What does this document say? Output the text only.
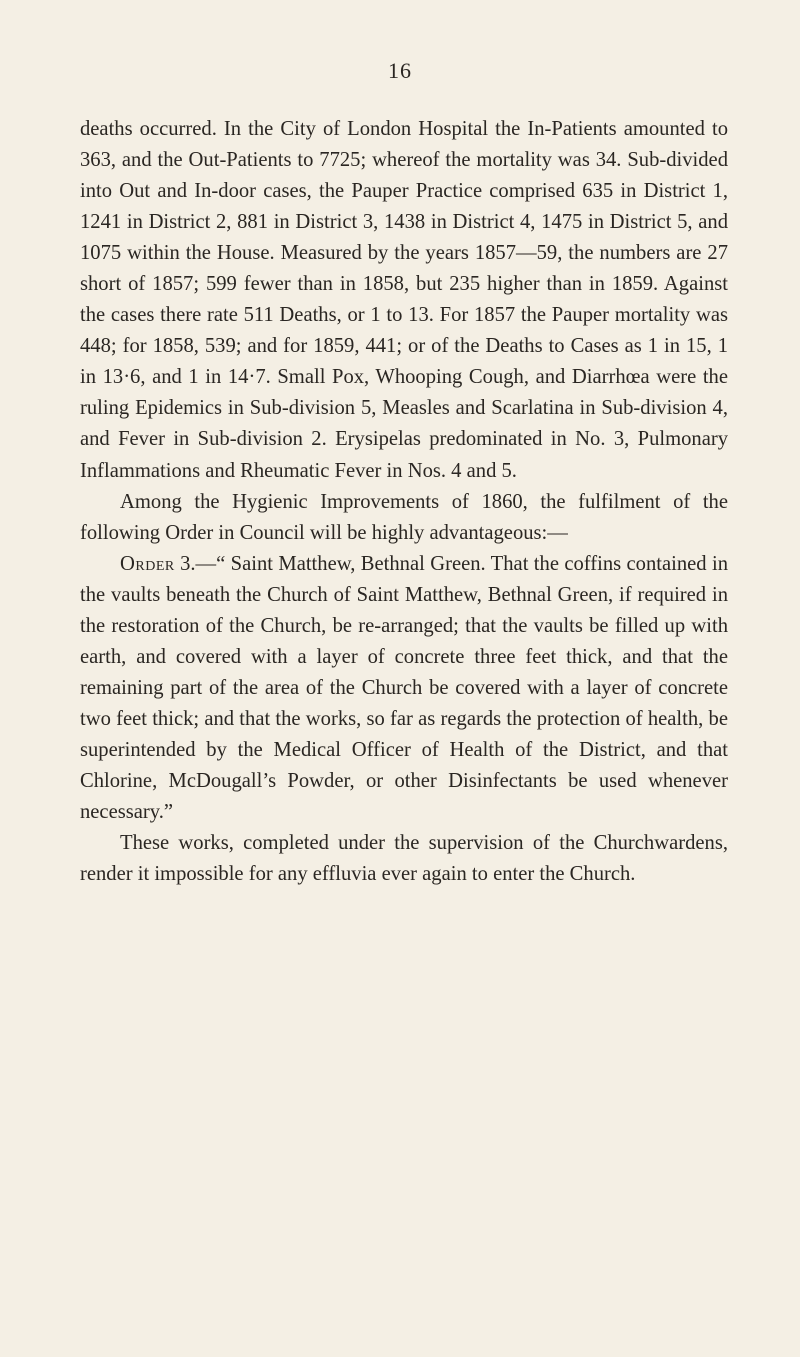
16

deaths occurred. In the City of London Hospital the In-Patients amounted to 363, and the Out-Patients to 7725; whereof the mortality was 34. Sub-divided into Out and In-door cases, the Pauper Practice comprised 635 in District 1, 1241 in District 2, 881 in District 3, 1438 in District 4, 1475 in District 5, and 1075 within the House. Measured by the years 1857—59, the numbers are 27 short of 1857; 599 fewer than in 1858, but 235 higher than in 1859. Against the cases there rate 511 Deaths, or 1 to 13. For 1857 the Pauper mortality was 448; for 1858, 539; and for 1859, 441; or of the Deaths to Cases as 1 in 15, 1 in 13·6, and 1 in 14·7. Small Pox, Whooping Cough, and Diarrhœa were the ruling Epidemics in Sub-division 5, Measles and Scarlatina in Sub-division 4, and Fever in Sub-division 2. Erysipelas predominated in No. 3, Pulmonary Inflammations and Rheumatic Fever in Nos. 4 and 5.

Among the Hygienic Improvements of 1860, the fulfilment of the following Order in Council will be highly advantageous:—

Order 3.—“ Saint Matthew, Bethnal Green. That the coffins contained in the vaults beneath the Church of Saint Matthew, Bethnal Green, if required in the restoration of the Church, be re-arranged; that the vaults be filled up with earth, and covered with a layer of concrete three feet thick, and that the remaining part of the area of the Church be covered with a layer of concrete two feet thick; and that the works, so far as regards the protection of health, be superintended by the Medical Officer of Health of the District, and that Chlorine, McDougall’s Powder, or other Disinfectants be used whenever necessary.”

These works, completed under the supervision of the Churchwardens, render it impossible for any effluvia ever again to enter the Church.
